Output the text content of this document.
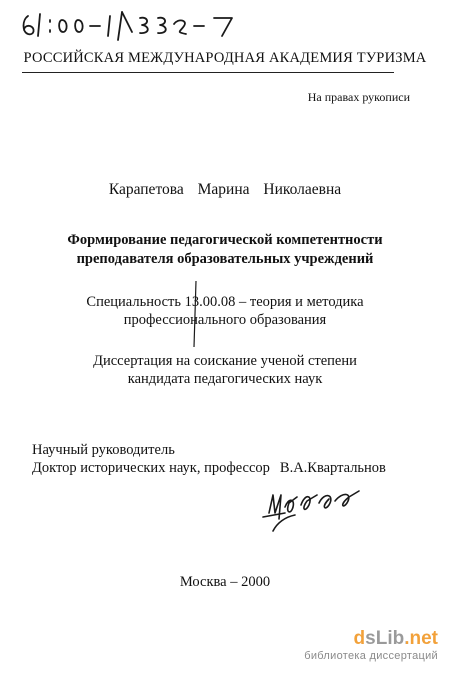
РОССИЙСКАЯ МЕЖДУНАРОДНАЯ АКАДЕМИЯ ТУРИЗМА
На правах рукописи
Карапетова Марина Николаевна
Формирование педагогической компетентности
преподавателя образовательных учреждений
Специальность 13.00.08 – теория и методика
профессионального образования
Диссертация на соискание ученой степени
кандидата педагогических наук
Научный руководитель
Доктор исторических наук, профессор В.А.Квартальнов
Москва – 2000
dsLib.net
библиотека диссертаций
